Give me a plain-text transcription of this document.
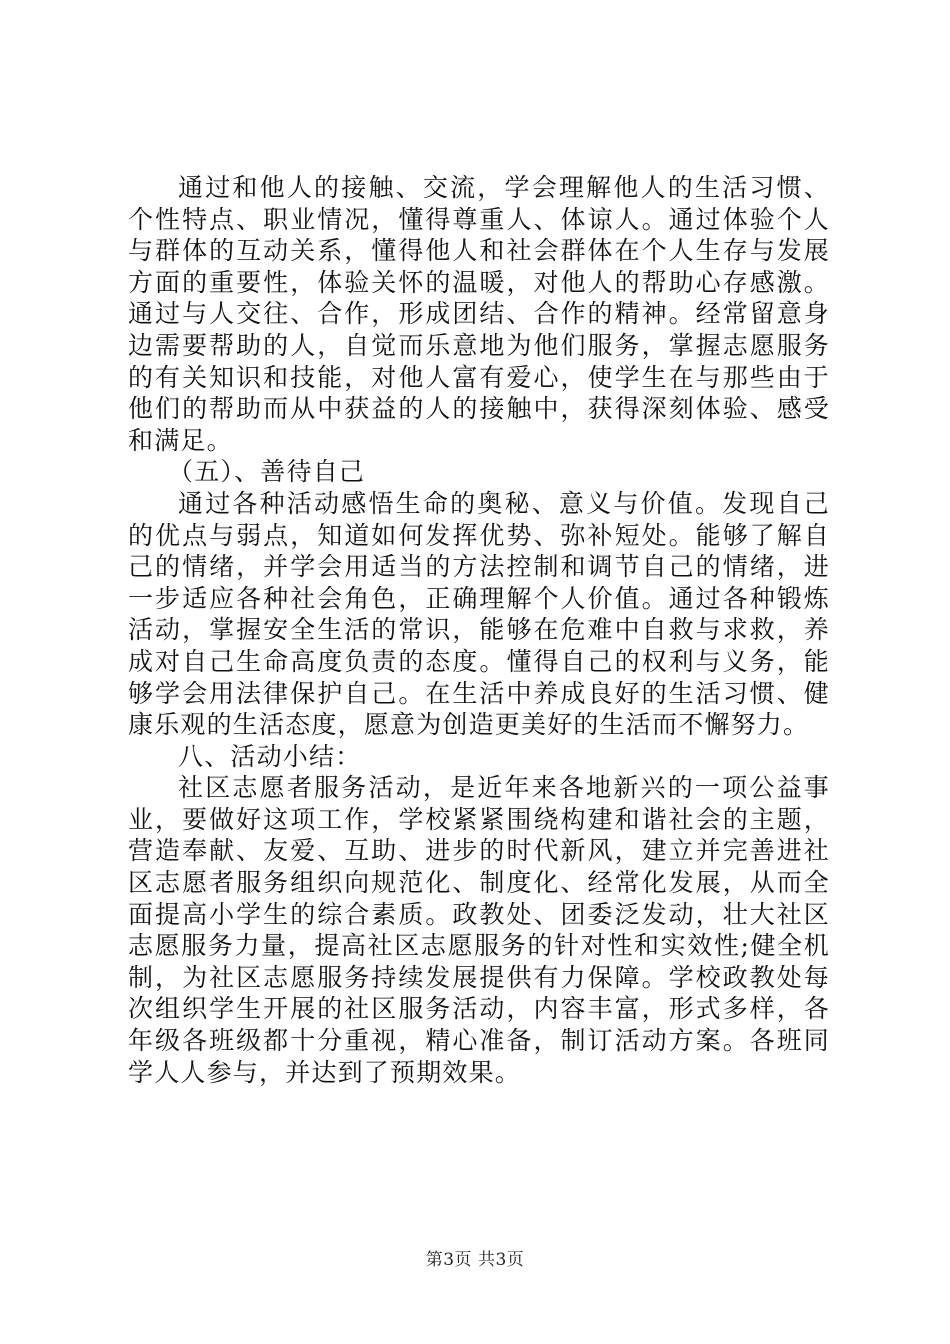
通过和他人的接触、交流，学会理解他人的生活习惯、个性特点、职业情况，懂得尊重人、体谅人。通过体验个人与群体的互动关系，懂得他人和社会群体在个人生存与发展方面的重要性，体验关怀的温暖，对他人的帮助心存感激。通过与人交往、合作，形成团结、合作的精神。经常留意身边需要帮助的人，自觉而乐意地为他们服务，掌握志愿服务的有关知识和技能，对他人富有爱心，使学生在与那些由于他们的帮助而从中获益的人的接触中，获得深刻体验、感受和满足。

（五）、善待自己

通过各种活动感悟生命的奥秘、意义与价值。发现自己的优点与弱点，知道如何发挥优势、弥补短处。能够了解自己的情绪，并学会用适当的方法控制和调节自己的情绪，进一步适应各种社会角色，正确理解个人价值。通过各种锻炼活动，掌握安全生活的常识，能够在危难中自救与求救，养成对自己生命高度负责的态度。懂得自己的权利与义务，能够学会用法律保护自己。在生活中养成良好的生活习惯、健康乐观的生活态度，愿意为创造更美好的生活而不懈努力。

八、活动小结：

社区志愿者服务活动，是近年来各地新兴的一项公益事业，要做好这项工作，学校紧紧围绕构建和谐社会的主题，营造奉献、友爱、互助、进步的时代新风，建立并完善进社区志愿者服务组织向规范化、制度化、经常化发展，从而全面提高小学生的综合素质。政教处、团委泛发动，壮大社区志愿服务力量，提高社区志愿服务的针对性和实效性;健全机制，为社区志愿服务持续发展提供有力保障。学校政教处每次组织学生开展的社区服务活动，内容丰富，形式多样，各年级各班级都十分重视，精心准备，制订活动方案。各班同学人人参与，并达到了预期效果。

第3页 共3页
